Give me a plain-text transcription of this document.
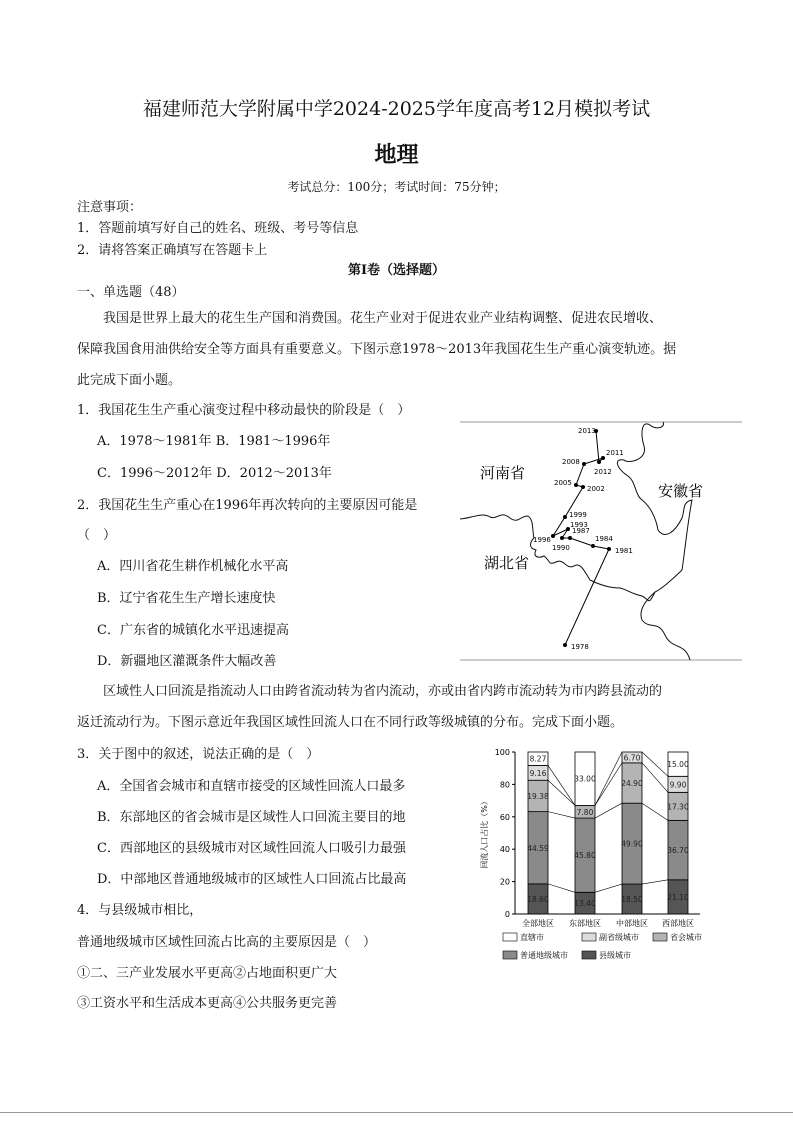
福建师范大学附属中学2024-2025学年度高考12月模拟考试
地理
考试总分：100分；考试时间：75分钟；
注意事项：
1．答题前填写好自己的姓名、班级、考号等信息
2．请将答案正确填写在答题卡上
第Ⅰ卷（选择题）
一、单选题（48）
我国是世界上最大的花生生产国和消费国。花生产业对于促进农业产业结构调整、促进农民增收、
保障我国食用油供给安全等方面具有重要意义。下图示意1978～2013年我国花生生产重心演变轨迹。据
此完成下面小题。
1．我国花生生产重心演变过程中移动最快的阶段是（　）
A．1978～1981年 B．1981～1996年
C．1996～2012年 D．2012～2013年
2．我国花生生产重心在1996年再次转向的主要原因可能是
（　）
A．四川省花生耕作机械化水平高
B．辽宁省花生生产增长速度快
C．广东省的城镇化水平迅速提高
D．新疆地区灌溉条件大幅改善
1978
1981
1984
1987
1990
1993
1996
1999
2002
2005
2008
2011
2012
2013
河南省
安徽省
湖北省
区域性人口回流是指流动人口由跨省流动转为省内流动，亦或由省内跨市流动转为市内跨县流动的
返迁流动行为。下图示意近年我国区域性回流人口在不同行政等级城镇的分布。完成下面小题。
3．关于图中的叙述，说法正确的是（　）
A．全国省会城市和直辖市接受的区域性回流人口最多
B．东部地区的省会城市是区域性人口回流主要目的地
C．西部地区的县级城市对区域性回流人口吸引力最强
D．中部地区普通地级城市的区域性人口回流占比最高
4．与县级城市相比，
普通地级城市区域性回流占比高的主要原因是（　）
①二、三产业发展水平更高②占地面积更广大
③工资水平和生活成本更高④公共服务更完善
0
20
40
60
80
100
回流人口占比（%）
18.60
44.59
19.38
9.16
8.27
全部地区
13.40
45.80
7.80
33.00
东部地区
18.50
49.90
24.90
6.70
中部地区
21.10
36.70
17.30
9.90
15.00
西部地区
直辖市	副省级城市	省会城市
普通地级城市	县级城市
